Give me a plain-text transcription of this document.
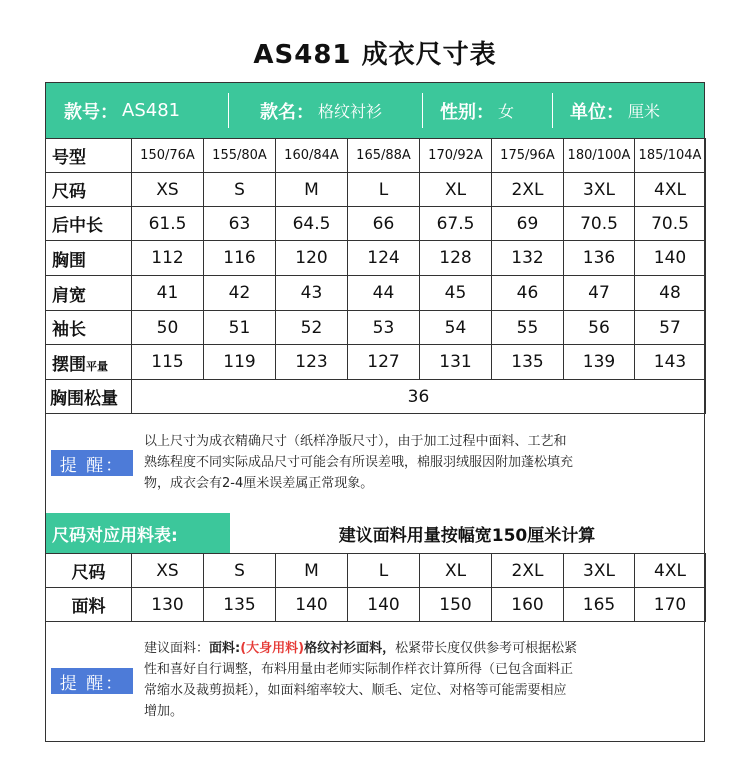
AS481 成衣尺寸表
款号： AS481	款名： 格纹衬衫	性别： 女	单位： 厘米
号型	150/76A	155/80A	160/84A	165/88A	170/92A	175/96A	180/100A	185/104A
尺码	XS	S	M	L	XL	2XL	3XL	4XL
后中长	61.5	63	64.5	66	67.5	69	70.5	70.5
胸围	112	116	120	124	128	132	136	140
肩宽	41	42	43	44	45	46	47	48
袖长	50	51	52	53	54	55	56	57
摆围平量	115	119	123	127	131	135	139	143
胸围松量	36							
提 醒：
以上尺寸为成衣精确尺寸（纸样净版尺寸），由于加工过程中面料、工艺和
熟练程度不同实际成品尺寸可能会有所误差哦，棉服羽绒服因附加蓬松填充
物，成衣会有2-4厘米误差属正常现象。
尺码对应用料表:	建议面料用量按幅宽150厘米计算
尺码	XS	S	M	L	XL	2XL	3XL	4XL
面料	130	135	140	140	150	160	165	170
提 醒：
建议面料：面料:(大身用料)格纹衬衫面料，松紧带长度仅供参考可根据松紧
性和喜好自行调整，布料用量由老师实际制作样衣计算所得（已包含面料正
常缩水及裁剪损耗），如面料缩率较大、顺毛、定位、对格等可能需要相应
增加。
